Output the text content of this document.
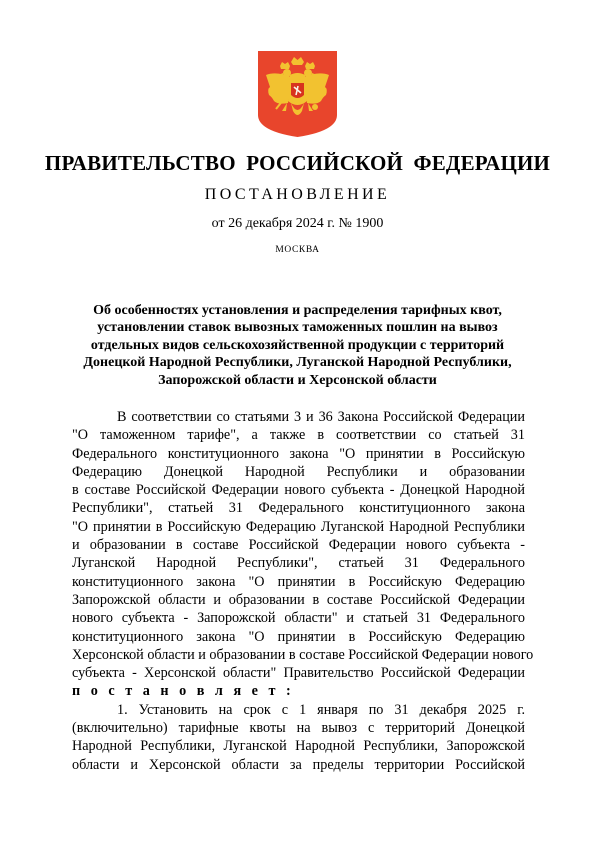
ПРАВИТЕЛЬСТВО РОССИЙСКОЙ ФЕДЕРАЦИИ
ПОСТАНОВЛЕНИЕ
от 26 декабря 2024 г. № 1900
МОСКВА
Об особенностях установления и распределения тарифных квот,
установлении ставок вывозных таможенных пошлин на вывоз
отдельных видов сельскохозяйственной продукции с территорий
Донецкой Народной Республики, Луганской Народной Республики,
Запорожской области и Херсонской области
В соответствии со статьями 3 и 36 Закона Российской Федерации
"О таможенном тарифе", а также в соответствии со статьей 31
Федерального конституционного закона "О принятии в Российскую
Федерацию Донецкой Народной Республики и образовании
в составе Российской Федерации нового субъекта - Донецкой Народной
Республики", статьей 31 Федерального конституционного закона
"О принятии в Российскую Федерацию Луганской Народной Республики
и образовании в составе Российской Федерации нового субъекта -
Луганской Народной Республики", статьей 31 Федерального
конституционного закона "О принятии в Российскую Федерацию
Запорожской области и образовании в составе Российской Федерации
нового субъекта - Запорожской области" и статьей 31 Федерального
конституционного закона "О принятии в Российскую Федерацию
Херсонской области и образовании в составе Российской Федерации нового
субъекта - Херсонской области" Правительство Российской Федерации
п о с т а н о в л я е т :
1. Установить на срок с 1 января по 31 декабря 2025 г.
(включительно) тарифные квоты на вывоз с территорий Донецкой
Народной Республики, Луганской Народной Республики, Запорожской
области и Херсонской области за пределы территории Российской
